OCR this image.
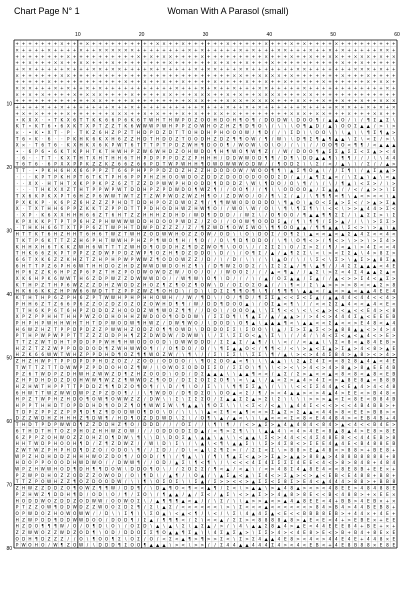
Chart Page N° 1	Woman With A Parasol (small)
+ + + + + + + × + + + × + + + + + + + + + + × × + + × + + + + + + × + + + + + × + + + × + × + + + + × + + + + + + + + +
× + + + + × + + + + × + + × × × × × × + + + + + + + + × + × + + + + + × + × + + + × × + + + × + + × + × + + + + + × × +
+ + + + + + + + × + + + + + + + + + + × + × + × × + + + + × + + + + + + + + + × + + + × + + × + + × × + + × × × + × + ×
+ + × + + + × × + + × × + + + × + + + + + + + + × + + + + + + × + × + + × + + + × + + + + + + + + + + × + + × + + + + +
+ × × + + + + + × + + + × × + × × + + + + × + × + + + + × + × × + + + × × + + + + + + + × × + + + + + + + × × × + × + +
× + + + + + + × × + + + + + + + + + + + + + + + + + + + + + + + + + × × + + × × × × + × + + + + + + + × + + + × + + + +
+ + + + + × + + + + + + + + + + + × + + × + + × + + × + + + + × + + + + × + + × + + × + + + + + × + + + + + + × + × × +
× × × + + + × + × + + × + × + + + + + + + + + + + × + + + × + × + + × + + + × × + + + + + × + + + + + + + + + + + + × +
× + × + × + + + + × + × × × + + + + × + + + + × × + + + × × × + + × + × + + × × × × + + + × × + + + + + + + + + + + + +
+ + + + + + + + + + + + × × + + + + × + + + + + + + + × × × + + + × × × + × × × × + + + × × + + × + + × + + × + + × × ×
+ + + + × + + × + + + + + + + × + + × + + + + + + + + + + × + + + × + + × + × + + + + + + × + + + + × × × + + × + × + ×
+ × + × + + + + × + + + + + + × × × + + × + × + + + × + × + + × × + × + + + + + + + + × × × + × × + + + × + + + × × + +
• K X X · • T K X 6 T T K K 6 6 P 6 K 6 T W H T H W P O Z O O H D O H ¶ O ¶ / D O D W \ D O O ¶ / ▲ ▲ O / \ / ¶ Σ ▲ Σ \
K T • K T 6 • 6 X K T X P T Z Z T K 6 W W W P W H P P Z O W H O Z H Z ¶ D ¶ O \ / \ \ \ O ¶ ▲ D / ▲ \ O O Σ ▲ ▲ / > \ >
× · • K • X T · P · T K Z 6 H Z P Z T H D P D Z D T T O H D H P H O O O W / ¶ D / / \ Σ D \ \ O O \ \ \ ▲ \ \ ¶ Σ ¶ ▲ >
T 6 • K · 6 · · P K H K 6 K X H 6 Z Z H D T H D O Z T O O D H Z D Z ¶ ¶ O W / ¶ / W \ \ D ¶ Σ ¶ ▲ ¶ ▲ ▲ \ Σ \ < Σ / > \
X × · T 6 T 6 · K X H K X 6 K P W T 6 T T T P T P D Z W H ¶ D O O ¶ / W O W \ O \ O / / \ \ / / O O ¶ O < ¶ ¶ / < ▲ ▲ ▲
• · 6 P 6 • 6 K T K P H T K T H W H P Z W 6 W H D Z O H W D O ¶ H ¶ W O ¶ W ¶ Z / / W / D O O ¶ ▲ Σ Σ ▲ Σ Σ < Σ ▲ > < 4
· 6 · · T T · K X T H T X H T H H 6 T H P D P P P D Z Z P H H H / D D W W O D ¶ ¶ / D ¶ \ D D ▲ ▲ ¶ \ ¶ ¶ / / / \ \ 4 4
T 6 T 6 · 6 P X X P P K Z Z K Z 6 6 Z 6 6 P D T W P W H H ¶ O W O W W W O D W / / ¶ O D Σ \ \ Σ / < / ▲ \ \ / Σ / / ▲ >
T T · • P K H 6 H X 6 6 P P Z T 6 6 P H P P P D Z D Z H Z Z H D O D O W / W O O ¶ ¶ \ ▲ Σ ¶ O ▲ \ / / Σ ¶ \ / ▲ Σ ▲ ▲ >
· · · K P T P K H P T 6 T K T P H 6 P P P H Z H O O W D O Z D D Z D O D O D O O D Σ D / ▲ / ▲ ¶ Σ ▲ < / \ Σ ▲ \ ▲ \ < ▲
· · X X · H T H T X K P P K P Z 6 Z T Z Z D P W W P H D O D D ¶ D D D Z \ W \ ¶ D O / O \ ¶ / \ / \ / ¶ ▲ \ < Σ > / \ >
· · · T H K X X Z T H T P P W P W T D D H P Z P D W D O ¶ W Z ¶ / / O O ¶ / / ¶ \ \ O D O O ▲ / Σ ▲ ▲ / / < / ▲ > > \ Σ
T X 6 K P K X P T 6 H Z P 6 W W T W T Z T Z W P W D Z W Z H ¶ O / Z D W O / O / ¶ \ Σ / ▲ / \ ¶ ¶ ¶ < ¶ \ ▲ < > < < \ ▲
P X K K P · K 6 P Z 6 H Z Z Z P H D T D D H P O Z D W O Z ¶ / ¶ ¶ W W O D O D D O \ ¶ ▲ O \ ▲ O < Σ ▲ > Σ < / > ▲ > Σ ▲
X · T X T H H 6 P P Z K K T Z P P D T T P D H O D H W Z H W ¶ O / / W O \ W / O \ \ ¶ \ ¶ Σ ¶ \ \ < < \ > > ▲ 4 4 > Σ <
· X P · K 6 X X H H H 6 6 Z T 6 H T Z Z H H H Z D H D / W D ¶ D D D / / W Σ \ / O ¶ O O / ¶ ▲ ▲ ¶ ¶ Σ Σ / \ ▲ Σ Σ > \ Σ
K P X K K P T P T P 6 H Z P H W W W W D D H D O O P W D Z / Z O / / O O W ¶ O O D Σ ▲ / ¶ \ ¶ ¶ / Σ > ▲ / / \ \ > Σ Σ >
· T H K H 6 6 T X T P P 6 Z T W P H T D W P D Z Z Z / Z / ¶ Z W D ¶ O W Σ W O \ ¶ ¶ O O ▲ ▲ / ¶ ¶ ▲ ▲ \ Σ < > \ > ▲ \ ▲
H T T K T 6 H Z H H T 6 H 6 T W Z T W H Z O D W W H O Z Z O W / O D \ \ O \ D O Σ / O ¶ Σ \ ▲ < < ▲ < ▲ Σ ▲ 4 Σ < < 4 <
T K T P 6 K T T Z Z H 6 P H T W W H P H Z P ¶ W O ¶ H / ¶ O / / O \ ¶ D ¶ O D O / \ ¶ \ O ¶ < > / ¶ < > \ > > \ > Σ 4 >
K H H X H 6 T K K Z W H 6 W T T T Z W H D ¶ O D D H Z ¶ D Z W O ¶ \ O O \ / / Σ Σ Σ \ O / Σ > Σ / ¶ / < ▲ \ > 4 Σ < < 4
T H K 6 6 Z K P T P P Z Z D W P P D Z W P ¶ O Z H ¶ D Z D D O \ D / \ / O ¶ Σ / ▲ / ▲ ¶ Σ Σ \ < \ > < Σ Σ ▲ \ 4 > 8 Σ >
6 6 T X K 6 Z Z K H Z T Z H P H P W P W W Z ¶ O D O W Z Z / D / \ / D / \ \ / \ \ ▲ O / \ / \ Σ < \ Σ > \ ▲ Σ > ▲ 8 Σ ▲
6 H T T P Z 6 P H 6 W T H H D O Z H D Z W W D W D O H Z ¶ \ / D ¶ W Σ O D Σ / \ Σ Σ Σ ▲ / ¶ \ ▲ ¶ / / 4 Σ Σ ▲ ▲ ▲ < 4 E
H P 6 Z Z K 6 H P Z P 6 P Z T H Z P O D W O W D Z W / O O / O / / W O O Σ / / / ▲ < ¶ ▲ / / ▲ Σ \ > Σ < 4 Σ 4 ▲ ▲ Σ ▲ <
X K 6 H P K 6 W W T H 6 Z D P W Z Z D W W W D O / / W ¶ W \ O ¶ \ D / / / \ / ▲ / O Σ ▲ ▲ / Σ ▲ / / ▲ < > > Σ 4 < ▲ Σ >
K T H P Z T H P 6 W Z Z Z D H Z W D D Z H O Z ¶ Z ¶ O Z ¶ O W \ D / O Σ O Σ O ▲ / / \ ¶ < / Σ \ ▲ > > > > 8 < < ▲ Σ > 8
H K 6 6 K K Z H P W 6 6 W D T T Z P P Z W Z ¶ O H D \ / D \ \ D Σ Σ ¶ ¶ O ¶ \ ¶ / ¶ ¶ ¶ \ ▲ ▲ < / ▲ < > ▲ < ▲ ▲ 4 E E 4
K T H T H P 6 Z P H 6 Z P T W W H P H P H H O W H / / W / ¶ D \ / O / ¶ D / ¶ Σ Σ ▲ < < Σ < Σ ▲ / ▲ ▲ 4 4 < 4 4 < < 4 >
P H H 6 Z T Z 6 6 P 6 Z Z O Z D Z O Z O Z O W H D ¶ ¶ / W / D D ¶ D O O ▲ \ / O Σ ▲ < ¶ \ / / < < Σ Σ ▲ 4 < < ▲ 4 < E <
T T H 6 K P 6 T 6 H P Z D D D Z H O O D Z W ¶ W O Z ¶ ¶ / / D O \ / O O O ▲ \ \ Σ ¶ < < \ < \ < ▲ > < < ▲ < < E 4 > < 8
X P Z P P H H T H H P W Z O D H O H H Z W D O O ¶ O D D W \ / Σ Σ D ¶ \ ¶ ▲ Σ / ▲ / ▲ ▲ > / > 4 < > 4 4 4 Σ ▲ < E E E B
P H P H P W H H W H T H T D P W O D W ¶ H W Z / D W ¶ W O / \ D O D \ O ¶ ▲ \ ▲ ▲ ▲ ¶ < \ ▲ ▲ < < Σ ▲ < < > E 4 8 < ▲ 4
H 6 W Z H Z T P P D P D Z Z P W W H Z O D Z O ¶ ¶ O W D \ D D D O Σ Σ \ Σ O O \ \ ▲ / Σ > Σ ▲ Σ < > ▲ 8 8 ▲ ▲ < > 4 > 4
P T H P W P W P P T T Z Z Z D D P H ¶ Z Z D W D W / D W W \ \ / Σ \ Σ Σ O < ▲ \ Σ \ \ / / 4 / \ 4 < Σ < ▲ < ▲ 4 < > E >
T T Z Z W T D H T P D D P P W H ¶ H W O D O O D \ D W W D D D / Σ Σ ▲ Σ / ▲ ¶ / \ \ < / / < ▲ ▲ \ \ Σ < 8 < ▲ 8 4 E B >
H Z Z T Z Z W P P D D D O D ¶ Z W H W W O ¶ / / O ¶ D O / O / \ ¶ Σ ▲ ▲ O < / ¶ ¶ < / < \ > ▲ < Σ ▲ > Σ ▲ > 4 < 8 > ▲ E
H Z K 6 6 W W T W H Z P P D H D ¶ O Z ¶ ¶ W O Z W / \ ¶ \ / / Σ \ Σ Σ \ \ Σ Σ \ ¶ / ▲ \ > < > 4 4 Σ 8 4 > ▲ 8 > < > 4 >
Z H Z H W P T P P D P D P H D Z O Z / Z O O / O D D O / \ ¶ O Σ O O ▲ < ¶ \ \ \ ▲ ▲ \ \ Σ ▲ Σ 4 Σ < < 8 Σ 8 ▲ 4 ▲ < 4 E
T W T T Z T T D W W P Z P D D O H O Z ¶ W / \ O W O Σ O D D Σ Σ O / Σ Σ O \ ¶ \ \ < > < \ > 4 < > 4 > 8 ▲ > 8 ▲ E E 4 B
P Z 6 T W D P Z D H W H Z W W Z D ¶ Z H Z O O D \ O D / D Σ ▲ ▲ ▲ \ \ ▲ ▲ ¶ < < / ▲ Σ / Σ > ▲ < < ▲ < 8 < 8 < ▲ 8 < E B
Z H P D H D D Z D O H W W ¶ W Z Z ¶ W W D Z ¶ O D / D Σ Σ O Σ Σ O ¶ \ < \ ▲ \ / ▲ < Σ > ▲ 4 > 4 Σ < > ▲ 8 E 8 ▲ < B 8 B
H Z H W T H P P T T P D D Z ¶ ¶ D Z O ¶ O ¶ / \ D / ¶ \ O / Σ \ \ \ ¶ ¶ Σ Σ ▲ \ / \ \ \ < < Σ Σ 4 4 ▲ < E ▲ 4 > 4 < 4 8
6 H W T T W Z W W D W P Z P Z D O ¶ / / \ ¶ W D O / D ¶ D Σ O \ O O ▲ < Σ / ¶ / > < 4 ▲ ▲ > < > 4 ▲ 4 > E E < > B 4 8 <
H P Z T W P H Z H D O ¶ O W ¶ O W W Z Z / D W \ \ Σ \ Σ Σ Σ O / Σ ▲ ▲ Σ Σ ▲ > Σ \ Σ \ \ \ \ > > > ▲ < Σ < 8 E < B 8 4 B
H P P T H H D T O P D D H D ¶ O D Z ¶ O ¶ W W Σ W \ ¶ ▲ ▲ \ ¶ O Σ \ \ \ < Σ < / < ▲ \ ▲ 4 4 Σ < < < > < < 4 B 4 B B > +
T D P Z P P Z Z P P ¶ D ¶ Z ¶ D O D W O ¶ D O \ O / \ \ \ \ ▲ < Σ ¶ < ▲ ¶ < < > Σ ▲ Σ > Σ ▲ ▲ < 4 4 > 8 < E E > B 8 > <
D Z Z W D H Z H H H Z ¶ D W ¶ / H D ¶ O Z D D W D \ Σ \ / O ¶ \ ▲ / ▲ < \ \ \ ▲ < < < Σ < 8 < E 4 4 8 4 > < E B 4 B + 4
T H D T P D P W W D ¶ Z Z D D H Z ¶ O / D D D / / / O Σ / / \ ¶ \ ¶ / / < > ▲ Σ > ▲ 4 ▲ 4 8 4 < 8 4 > ▲ < 4 < < B 4 E >
6 T H D T H T O Z P H O Z H H W Z O W / / / O D D O D Σ D ▲ / < ¶ > Σ ¶ \ \ \ ▲ ▲ 4 \ < 4 > 4 E < 8 ▲ 8 ▲ 4 > E 8 > 8 E
6 Z P P Z O H W O Z Z O H Z O ¶ D W \ ¶ \ \ D \ D O Σ ▲ \ ▲ ▲ \ ▲ \ \ < ▲ ▲ \ Σ < > 4 4 < < 4 Σ 4 8 E 8 < < 4 4 E B > 8
H H T W D P H O O H ¶ D / Z ¶ Z D W Z / / W \ D \ Σ \ / \ ▲ \ < ¶ \ ▲ ▲ Σ \ \ Σ > 4 Σ 8 < > Σ E E 4 ▲ 4 E < B 4 8 8 E B
Z W T W Z P H P H D ¶ D Z O / O D O \ ¶ / / Σ D / / D \ < ▲ \ Σ ¶ Σ > / / Σ Σ < Σ \ > 8 8 > E ▲ 4 8 < > 8 8 > + B E 8 +
W P Z H D H D D Z H H H W O Z D O ¶ / O O D / ¶ \ / ¶ ▲ \ \ / ¶ \ ¶ ▲ Σ < ▲ > > Σ ▲ > ▲ ▲ > 8 8 ▲ > 4 8 8 B 8 8 8 8 + 8
H D O P P O O O D H W D W O / / D W W ¶ / / O D / ▲ Σ \ ¶ < ¶ \ / \ < < < 4 Σ 4 Σ Σ Σ Σ 4 E E < 4 < > 8 > 8 4 8 + 4 8 4
W P Z H W W H O D ¶ D H ¶ ¶ D O W \ D D O ¶ O \ / / Σ O Σ Σ / ¶ < ▲ / < ▲ \ / < > 4 8 Σ 4 ▲ 8 E 4 < < 8 E 8 B + E E × +
P Z W P D H O Z Z O D Z Z O W O D / O \ ¶ D \ / ▲ ¶ / \ O ▲ / \ ▲ Σ ▲ < ▲ \ Σ 4 < > Σ ▲ > < > ▲ < E B < E 4 8 8 + B 8 +
T T Z P O W H Z Z ¶ O Z D O O D W / \ \ ¶ \ O Σ O Σ \ \ Σ ▲ / Σ > > < < > ▲ Σ Σ < Σ 8 Σ > E 4 < ▲ 4 4 4 > 8 8 > + B B 8
Z H W Z Z D D Z O ¶ O W Z ¶ ¶ W / D D ¶ / \ D ▲ ¶ O < ¶ < < ▲ ¶ / Σ < \ > ▲ ▲ \ > ▲ 4 8 ▲ > < > < 4 8 E E > 4 8 4 8 8 E
P Z H W Z ¶ D D H ¶ D / O D \ O / ¶ / Σ O \ / ¶ ▲ ▲ / ▲ / Σ < / ▲ Σ \ < > ▲ Σ > > 4 ▲ 8 > 8 E < < B < 4 8 8 > + × E E ×
H O D D W O Z D D Z O D W W / O O W O Σ \ / ▲ ¶ ¶ ¶ ▲ < ▲ / / \ Σ / \ \ ▲ > > ▲ < > ▲ 4 ▲ 8 E E < 4 + B B > 4 E B × + ×
P T Z Z O W ¶ D D W D Z Z W O O Σ D Σ ¶ / Σ \ ▲ Σ / < < < < < < \ > \ Σ < < < ▲ < < < < < < > 8 4 > B 4 > 4 4 B E B 8 +
O P W D O Z H O W O W W / / D \ \ Σ ¶ \ \ Σ O ▲ \ < ▲ < ¶ / \ < / \ Σ \ 4 ▲ 4 Σ ▲ < E < < B B B 8 E B > + 4 4 × + 4 E +
H Z W P D D ¶ D D W W D O O / D O D ¶ / Σ ▲ / ¶ ¶ ¶ < / Σ \ < < ▲ / Σ Σ > < 8 8 8 8 ▲ 8 > ▲ E < E < 4 + > E B E × + E E
H Z D O ¶ ¶ ¶ W / O / O ¶ D \ O \ / O Σ D \ ▲ \ ▲ \ Σ \ ▲ Σ ▲ / > / \ 4 \ ▲ ▲ Σ 8 ▲ 4 > ▲ E < 4 4 E E E 8 4 + B E + × +
Z Z W W O Z Z W D Z O D ¶ \ O D / D D O Σ Σ ¶ O ▲ ▲ ¶ Σ ▲ \ \ 4 Σ ▲ Σ ▲ > \ Σ Σ > 4 > < 4 E 8 > E < > B + B 4 + 8 E × E
O D H ¶ D Z Z Z / / O \ ¶ O O ¶ Σ \ O Σ / O / < Σ < ▲ ¶ > ¶ > > Σ < \ Σ > Σ 4 ▲ ▲ 4 E 8 > < 4 < > 4 4 E 4 E + 4 4 8 × E
P W O H O / W ¶ Z O W / \ D D D ¶ Σ O O ¶ ▲ ▲ ▲ \ > < \ > > / / Σ 4 4 ▲ ▲ 4 4 4 Σ 4 > < 4 < E B < + 4 E 8 B 8 8 × E 8 E
10	20	30	40	50	60
10
20
30
40
50
60
70
80
